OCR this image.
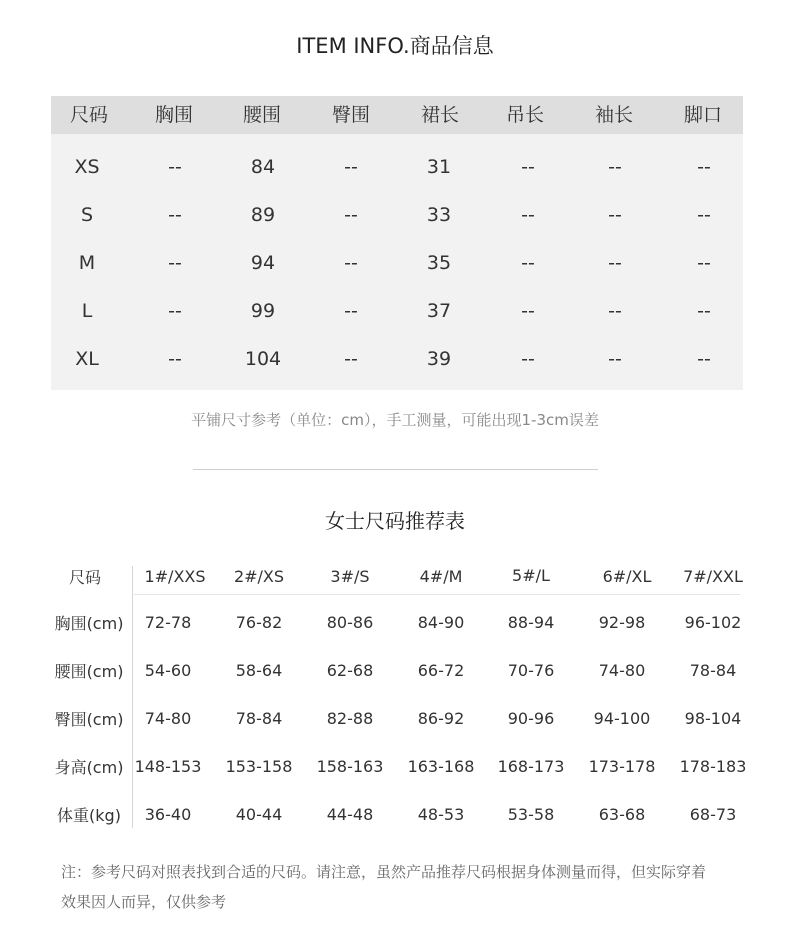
ITEM INFO.商品信息
尺码	胸围	腰围	臀围	裙长	吊长	袖长	脚口
XS	--	84	--	31	--	--	--
S	--	89	--	33	--	--	--
M	--	94	--	35	--	--	--
L	--	99	--	37	--	--	--
XL	--	104	--	39	--	--	--
平铺尺寸参考（单位：cm），手工测量，可能出现1-3cm误差
女士尺码推荐表
尺码	1#/XXS	2#/XS	3#/S	4#/M	5#/L	6#/XL	7#/XXL
胸围(cm)	72-78	76-82	80-86	84-90	88-94	92-98	96-102
腰围(cm)	54-60	58-64	62-68	66-72	70-76	74-80	78-84
臀围(cm)	74-80	78-84	82-88	86-92	90-96	94-100	98-104
身高(cm) 148-153	153-158	158-163	163-168	168-173	173-178	178-183
体重(kg)	36-40	40-44	44-48	48-53	53-58	63-68	68-73
注：参考尺码对照表找到合适的尺码。请注意，虽然产品推荐尺码根据身体测量而得，但实际穿着
效果因人而异，仅供参考
